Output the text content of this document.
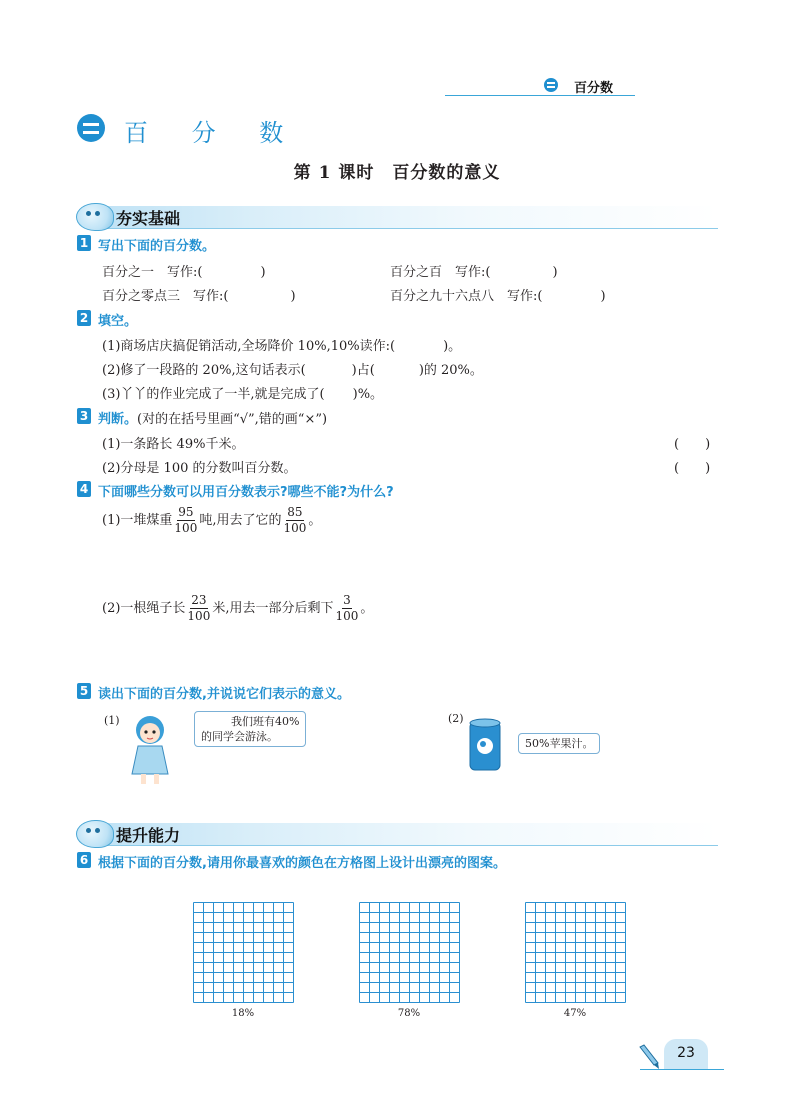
百分数
百 分 数
第 1 课时　百分数的意义
夯实基础
1 写出下面的百分数。
百分之一　写作:(	)	百分之百　写作:(	)
百分之零点三　写作:(	)	百分之九十六点八　写作:(	)
2 填空。
(1)商场店庆搞促销活动,全场降价 10%,10%读作:(	)。
(2)修了一段路的 20%,这句话表示(	)占(	)的 20%。
(3)丫丫的作业完成了一半,就是完成了( )%。
3 判断。(对的在括号里画“√”,错的画“×”)
(1)一条路长 49%千米。	(　　)
(2)分母是 100 的分数叫百分数。	(　　)
4 下面哪些分数可以用百分数表示?哪些不能?为什么?
(1)一堆煤重 $\frac{95}{100}$ 吨,用去了它的 $\frac{85}{100}$ 。
(2)一根绳子长 $\frac{23}{100}$ 米,用去一部分后剩下 $\frac{3}{100}$ 。
5 读出下面的百分数,并说说它们表示的意义。
(1)	我们班有40%
的同学会游泳。
(2)
50%苹果汁。
提升能力
6 根据下面的百分数,请用你最喜欢的颜色在方格图上设计出漂亮的图案。
18%	78%	47%
23
